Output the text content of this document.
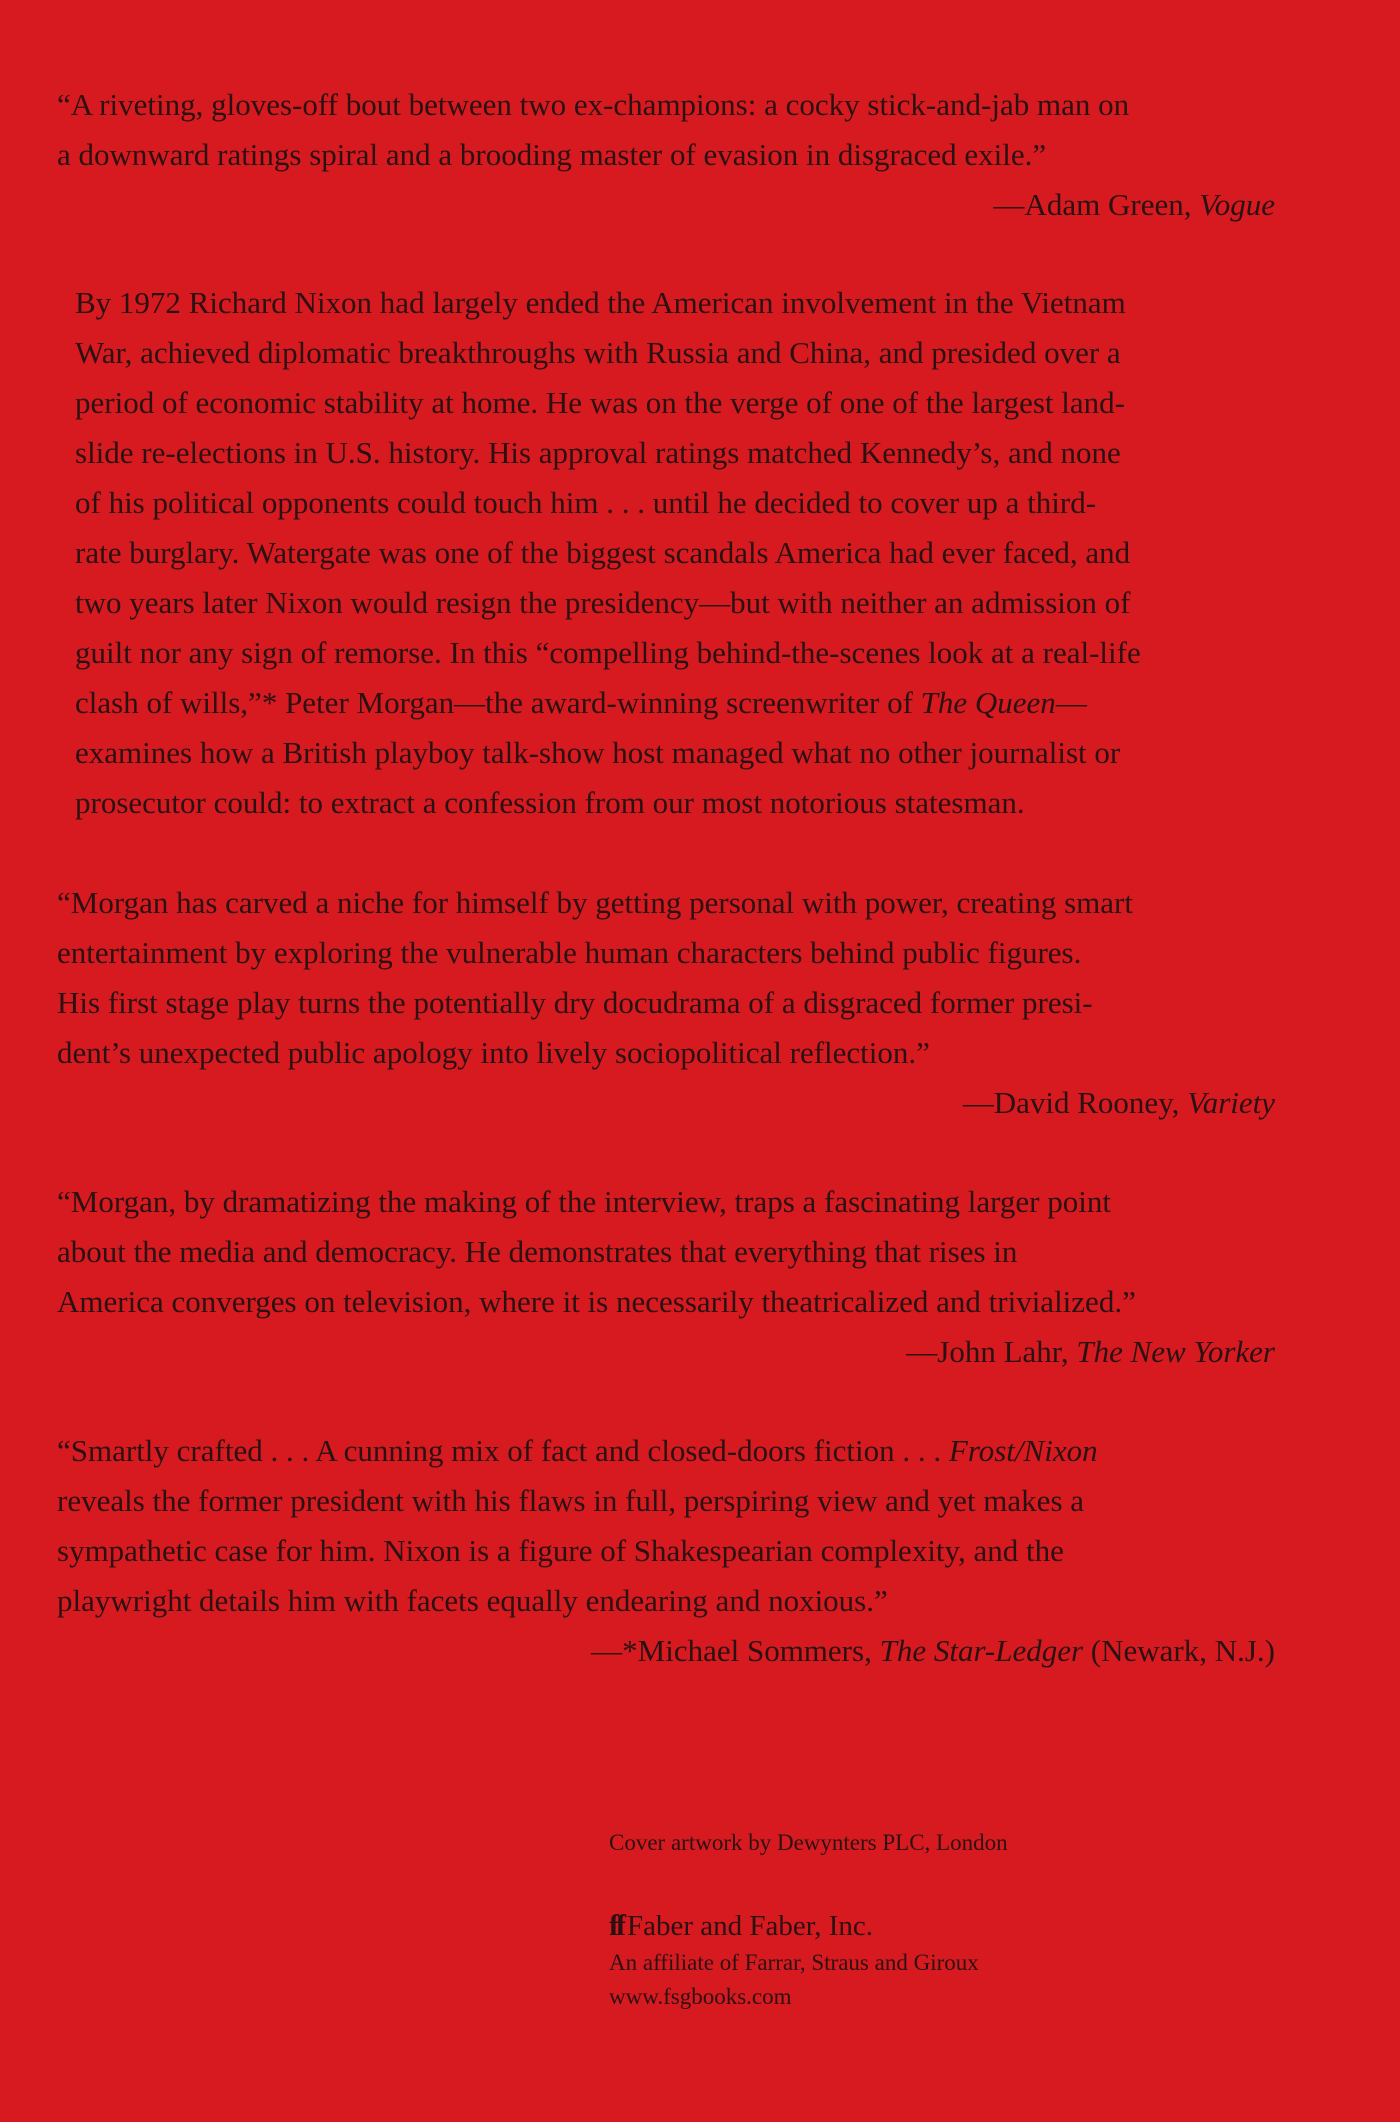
“A riveting, gloves-off bout between two ex-champions: a cocky stick-and-jab man on
a downward ratings spiral and a brooding master of evasion in disgraced exile.”
—Adam Green, Vogue
By 1972 Richard Nixon had largely ended the American involvement in the Vietnam
War, achieved diplomatic breakthroughs with Russia and China, and presided over a
period of economic stability at home. He was on the verge of one of the largest land-
slide re-elections in U.S. history. His approval ratings matched Kennedy’s, and none
of his political opponents could touch him . . . until he decided to cover up a third-
rate burglary. Watergate was one of the biggest scandals America had ever faced, and
two years later Nixon would resign the presidency—but with neither an admission of
guilt nor any sign of remorse. In this “compelling behind-the-scenes look at a real-life
clash of wills,”* Peter Morgan—the award-winning screenwriter of The Queen—
examines how a British playboy talk-show host managed what no other journalist or
prosecutor could: to extract a confession from our most notorious statesman.
“Morgan has carved a niche for himself by getting personal with power, creating smart
entertainment by exploring the vulnerable human characters behind public figures.
His first stage play turns the potentially dry docudrama of a disgraced former presi-
dent’s unexpected public apology into lively sociopolitical reflection.”
—David Rooney, Variety
“Morgan, by dramatizing the making of the interview, traps a fascinating larger point
about the media and democracy. He demonstrates that everything that rises in
America converges on television, where it is necessarily theatricalized and trivialized.”
—John Lahr, The New Yorker
“Smartly crafted . . . A cunning mix of fact and closed-doors fiction . . . Frost/Nixon
reveals the former president with his flaws in full, perspiring view and yet makes a
sympathetic case for him. Nixon is a figure of Shakespearian complexity, and the
playwright details him with facets equally endearing and noxious.”
—*Michael Sommers, The Star-Ledger (Newark, N.J.)
Cover artwork by Dewynters PLC, London
ff Faber and Faber, Inc.
An affiliate of Farrar, Straus and Giroux
www.fsgbooks.com
